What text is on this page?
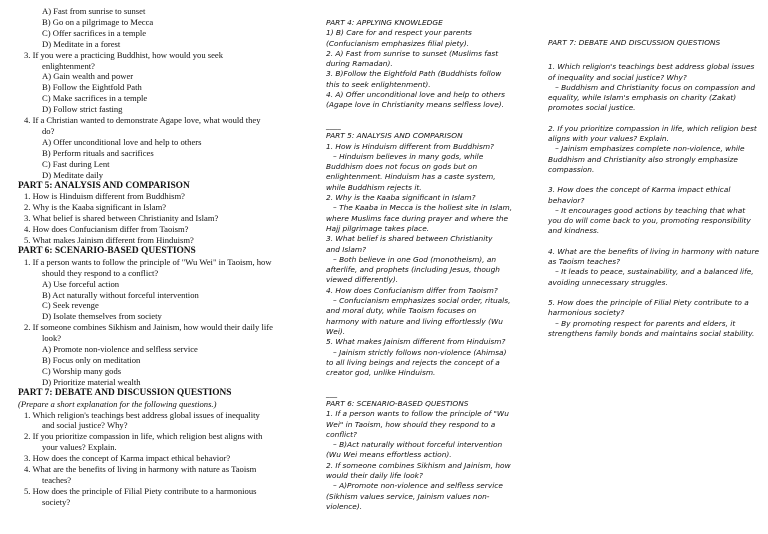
A) Fast from sunrise to sunset
B) Go on a pilgrimage to Mecca
C) Offer sacrifices in a temple
D) Meditate in a forest
3. If you were a practicing Buddhist, how would you seek
enlightenment?
A) Gain wealth and power
B) Follow the Eightfold Path
C) Make sacrifices in a temple
D) Follow strict fasting
4. If a Christian wanted to demonstrate Agape love, what would they
do?
A) Offer unconditional love and help to others
B) Perform rituals and sacrifices
C) Fast during Lent
D) Meditate daily
PART 5: ANALYSIS AND COMPARISON
1. How is Hinduism different from Buddhism?
2. Why is the Kaaba significant in Islam?
3. What belief is shared between Christianity and Islam?
4. How does Confucianism differ from Taoism?
5. What makes Jainism different from Hinduism?
PART 6: SCENARIO-BASED QUESTIONS
1. If a person wants to follow the principle of "Wu Wei" in Taoism, how
should they respond to a conflict?
A) Use forceful action
B) Act naturally without forceful intervention
C) Seek revenge
D) Isolate themselves from society
2. If someone combines Sikhism and Jainism, how would their daily life
look?
A) Promote non-violence and selfless service
B) Focus only on meditation
C) Worship many gods
D) Prioritize material wealth
PART 7: DEBATE AND DISCUSSION QUESTIONS
(Prepare a short explanation for the following questions.)
1. Which religion's teachings best address global issues of inequality
and social justice? Why?
2. If you prioritize compassion in life, which religion best aligns with
your values? Explain.
3. How does the concept of Karma impact ethical behavior?
4. What are the benefits of living in harmony with nature as Taoism
teaches?
5. How does the principle of Filial Piety contribute to a harmonious
society?
PART 4: APPLYING KNOWLEDGE
1) B) Care for and respect your parents
(Confucianism emphasizes filial piety).
2. A) Fast from sunrise to sunset (Muslims fast
during Ramadan).
3. B)Follow the Eightfold Path (Buddhists follow
this to seek enlightenment).
4. A) Offer unconditional love and help to others
(Agape love in Christianity means selfless love).

____
PART 5: ANALYSIS AND COMPARISON
1. How is Hinduism different from Buddhism?
– Hinduism believes in many gods, while
Buddhism does not focus on gods but on
enlightenment. Hinduism has a caste system,
while Buddhism rejects it.
2. Why is the Kaaba significant in Islam?
– The Kaaba in Mecca is the holiest site in Islam,
where Muslims face during prayer and where the
Hajj pilgrimage takes place.
3. What belief is shared between Christianity
and Islam?
– Both believe in one God (monotheism), an
afterlife, and prophets (including Jesus, though
viewed differently).
4. How does Confucianism differ from Taoism?
– Confucianism emphasizes social order, rituals,
and moral duty, while Taoism focuses on
harmony with nature and living effortlessly (Wu
Wei).
5. What makes Jainism different from Hinduism?
– Jainism strictly follows non-violence (Ahimsa)
to all living beings and rejects the concept of a
creator god, unlike Hinduism.

___
PART 6: SCENARIO-BASED QUESTIONS
1. If a person wants to follow the principle of "Wu
Wei" in Taoism, how should they respond to a
conflict?
– B)Act naturally without forceful intervention
(Wu Wei means effortless action).
2. If someone combines Sikhism and Jainism, how
would their daily life look?
– A)Promote non-violence and selfless service
(Sikhism values service, Jainism values non-
violence).
PART 7: DEBATE AND DISCUSSION QUESTIONS
1. Which religion's teachings best address global issues of inequality and social justice? Why?
– Buddhism and Christianity focus on compassion and equality, while Islam's emphasis on charity (Zakat) promotes social justice.
2. If you prioritize compassion in life, which religion best aligns with your values? Explain.
– Jainism emphasizes complete non-violence, while Buddhism and Christianity also strongly emphasize compassion.
3. How does the concept of Karma impact ethical behavior?
– It encourages good actions by teaching that what you do will come back to you, promoting responsibility and kindness.
4. What are the benefits of living in harmony with nature as Taoism teaches?
– It leads to peace, sustainability, and a balanced life, avoiding unnecessary struggles.
5. How does the principle of Filial Piety contribute to a harmonious society?
– By promoting respect for parents and elders, it strengthens family bonds and maintains social stability.
